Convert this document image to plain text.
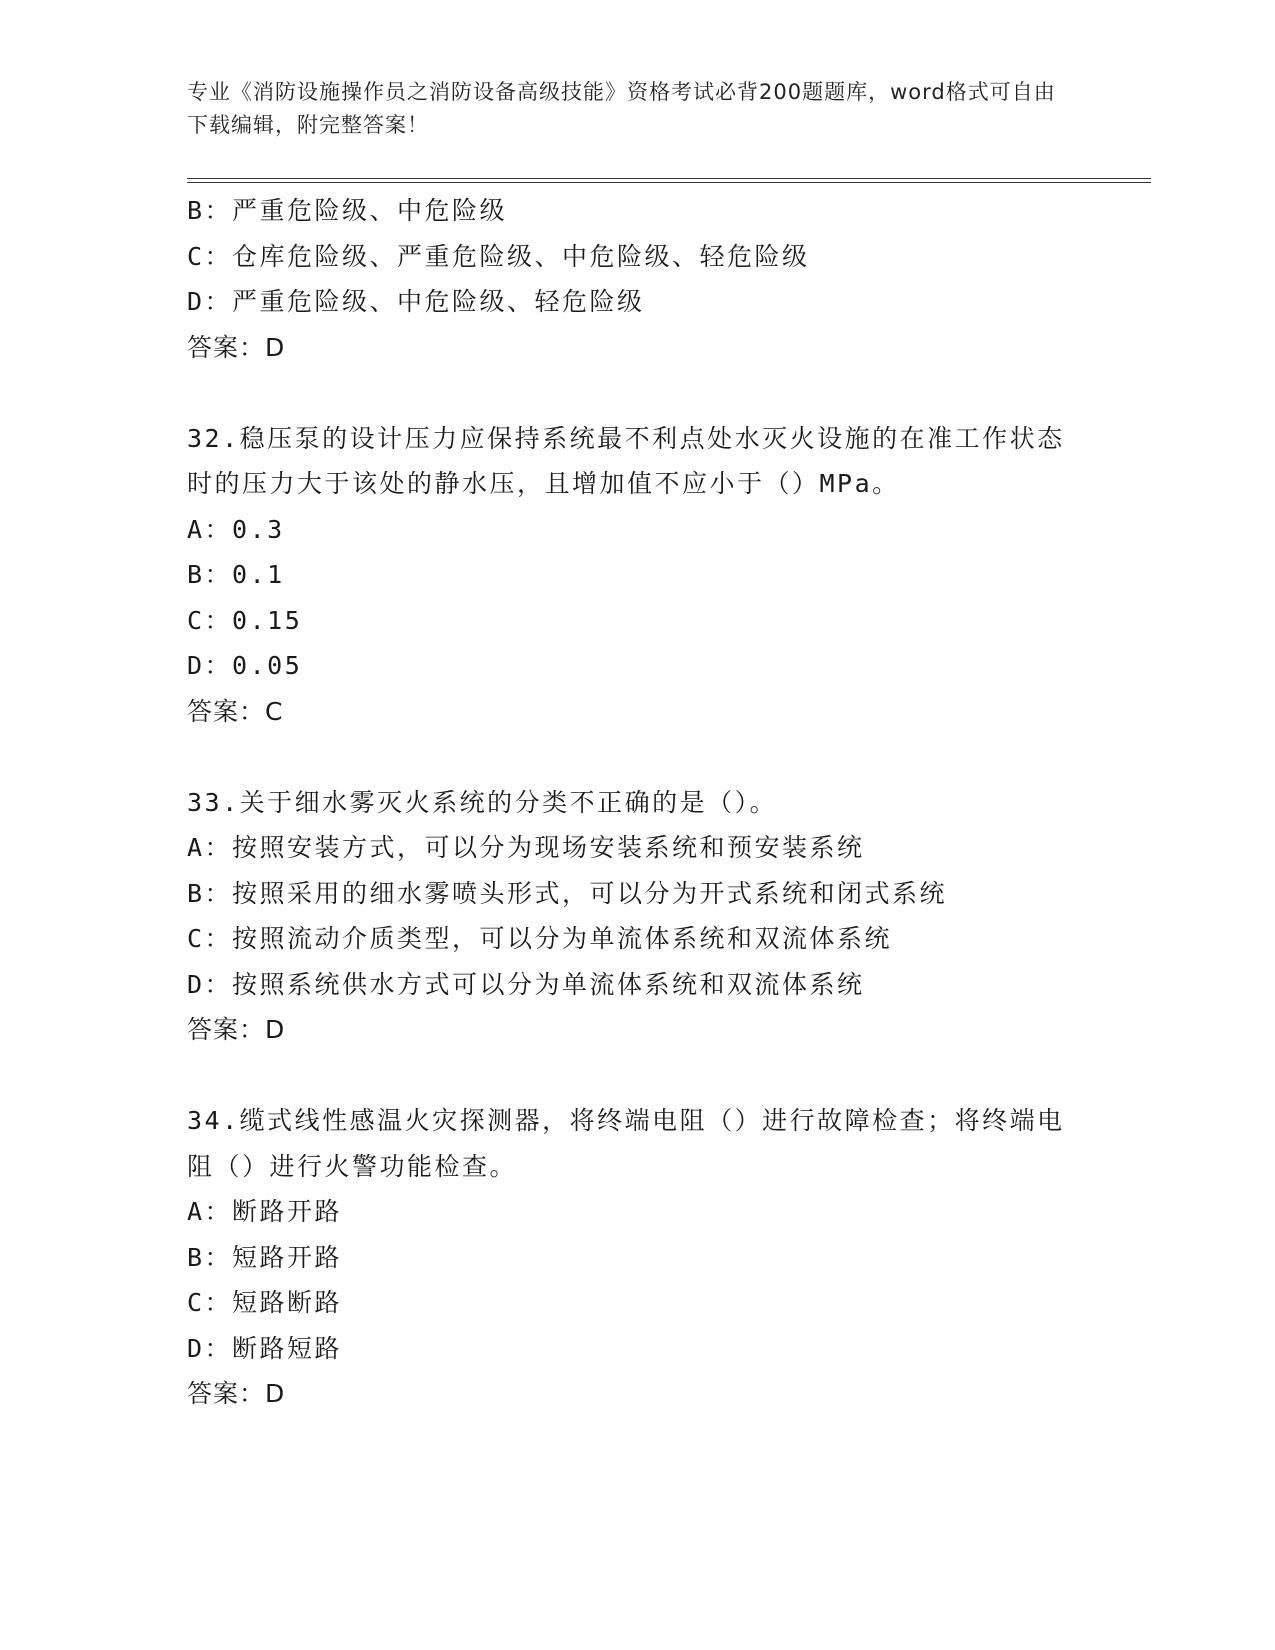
专业《消防设施操作员之消防设备高级技能》资格考试必背200题题库，word格式可自由下载编辑，附完整答案！
B：严重危险级、中危险级
C：仓库危险级、严重危险级、中危险级、轻危险级
D：严重危险级、中危险级、轻危险级
答案：D
32.稳压泵的设计压力应保持系统最不利点处水灭火设施的在准工作状态时的压力大于该处的静水压，且增加值不应小于（）MPa。
A：0.3
B：0.1
C：0.15
D：0.05
答案：C
33.关于细水雾灭火系统的分类不正确的是（）。
A：按照安装方式，可以分为现场安装系统和预安装系统
B：按照采用的细水雾喷头形式，可以分为开式系统和闭式系统
C：按照流动介质类型，可以分为单流体系统和双流体系统
D：按照系统供水方式可以分为单流体系统和双流体系统
答案：D
34.缆式线性感温火灾探测器，将终端电阻（）进行故障检查；将终端电阻（）进行火警功能检查。
A：断路开路
B：短路开路
C：短路断路
D：断路短路
答案：D
